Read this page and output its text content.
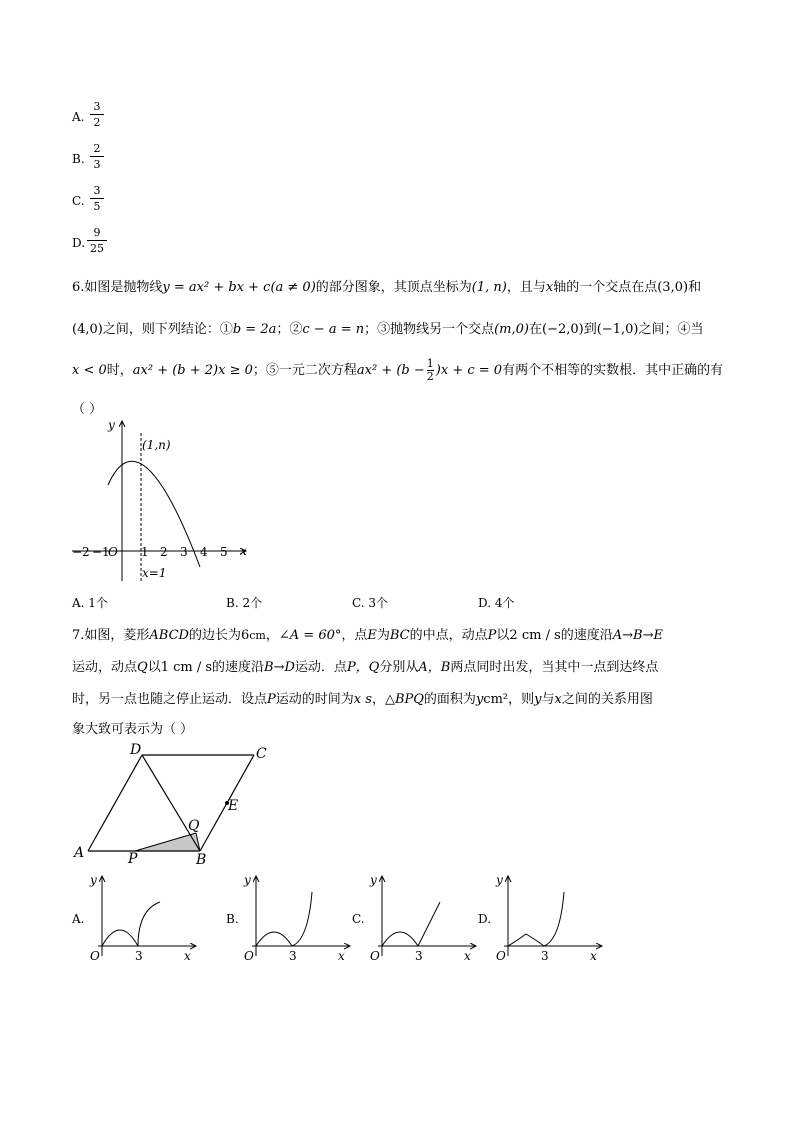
A.
3
2
B.
2
3
C.
3
5
D.
9
25
6.如图是抛物线y = ax² + bx + c(a ≠ 0)的部分图象，其顶点坐标为(1, n)，且与x轴的一个交点在点(3,0)和
(4,0)之间，则下列结论：①b = 2a；②c − a = n；③抛物线另一个交点(m,0)在(−2,0)到(−1,0)之间；④当
x < 0时，ax² + (b + 2)x ≥ 0；⑤一元二次方程$ax^2 + (b - \frac{1}{2} )x + c = 0$有两个不相等的实数根．其中正确的有
（ ）
y
x
O
−2 −1	1 2 3 4 5
x=1
(1,n)
A. 1个	B. 2个	C. 3个	D. 4个
7.如图，菱形ABCD的边长为6cm，∠A = 60°，点E为BC的中点，动点P以2 cm / s的速度沿A→B→E
运动，动点Q以1 cm / s的速度沿B→D运动．点P，Q分别从A，B两点同时出发，当其中一点到达终点
时，另一点也随之停止运动．设点P运动的时间为x s，△BPQ的面积为ycm²，则y与x之间的关系用图
象大致可表示为（ ）
A	B
C
D
E
P
Q
A.
y
x
O	3
B.
y
x
O	3
C.
y
x
O	3
D.
y
x
O	3
